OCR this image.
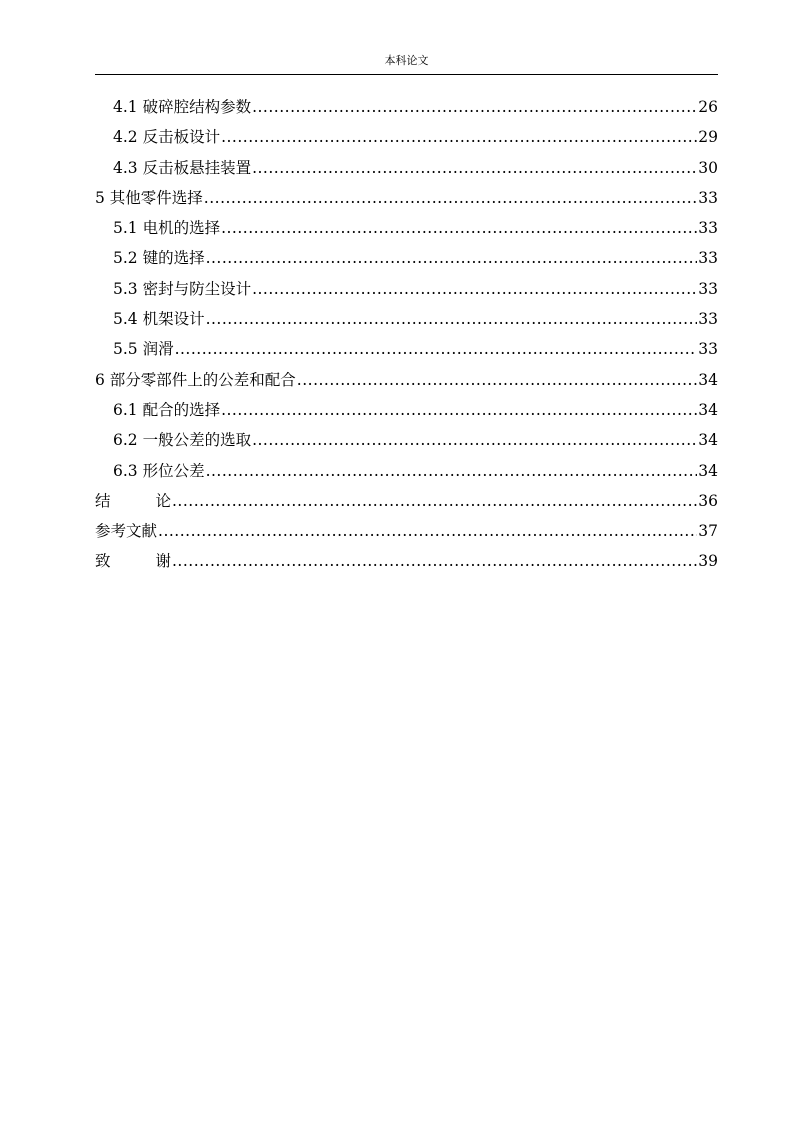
本科论文
4.1 破碎腔结构参数 .....	26
4.2 反击板设计 .....	29
4.3 反击板悬挂装置 .....	30
5 其他零件选择 .....	33
5.1 电机的选择 .....	33
5.2 键的选择 .....	33
5.3 密封与防尘设计 .....	33
5.4 机架设计 .....	33
5.5 润滑 .....	33
6 部分零部件上的公差和配合 .....	34
6.1 配合的选择 .....	34
6.2 一般公差的选取 .....	34
6.3 形位公差 .....	34
结	论 .....	36
参考文献 .....	37
致	谢 .....	39
